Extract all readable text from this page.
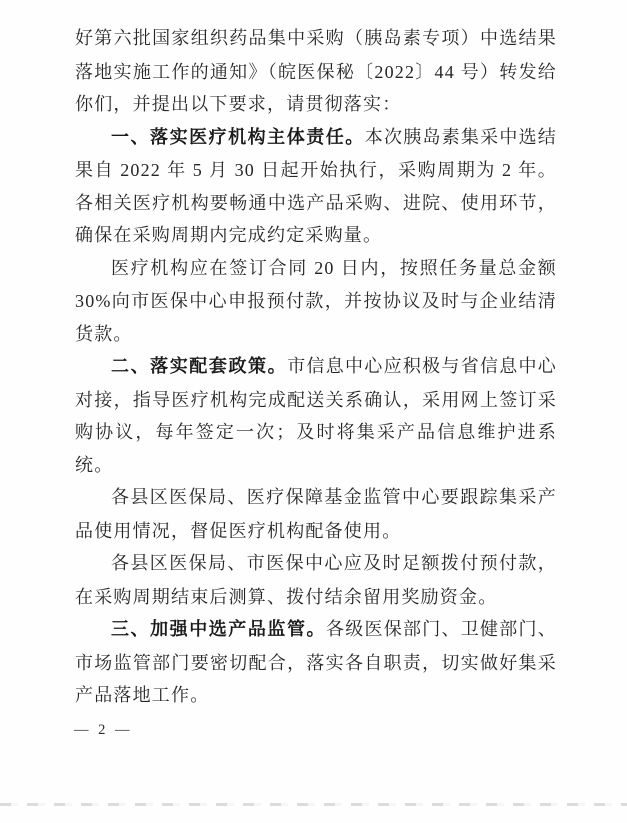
好第六批国家组织药品集中采购（胰岛素专项）中选结果落地实施工作的通知》（皖医保秘〔2022〕44 号）转发给你们，并提出以下要求，请贯彻落实：

一、落实医疗机构主体责任。本次胰岛素集采中选结果自 2022 年 5 月 30 日起开始执行，采购周期为 2 年。各相关医疗机构要畅通中选产品采购、进院、使用环节，确保在采购周期内完成约定采购量。

医疗机构应在签订合同 20 日内，按照任务量总金额 30%向市医保中心申报预付款，并按协议及时与企业结清货款。

二、落实配套政策。市信息中心应积极与省信息中心对接，指导医疗机构完成配送关系确认，采用网上签订采购协议，每年签定一次；及时将集采产品信息维护进系统。

各县区医保局、医疗保障基金监管中心要跟踪集采产品使用情况，督促医疗机构配备使用。

各县区医保局、市医保中心应及时足额拨付预付款，在采购周期结束后测算、拨付结余留用奖励资金。

三、加强中选产品监管。各级医保部门、卫健部门、市场监管部门要密切配合，落实各自职责，切实做好集采产品落地工作。

— 2 —
